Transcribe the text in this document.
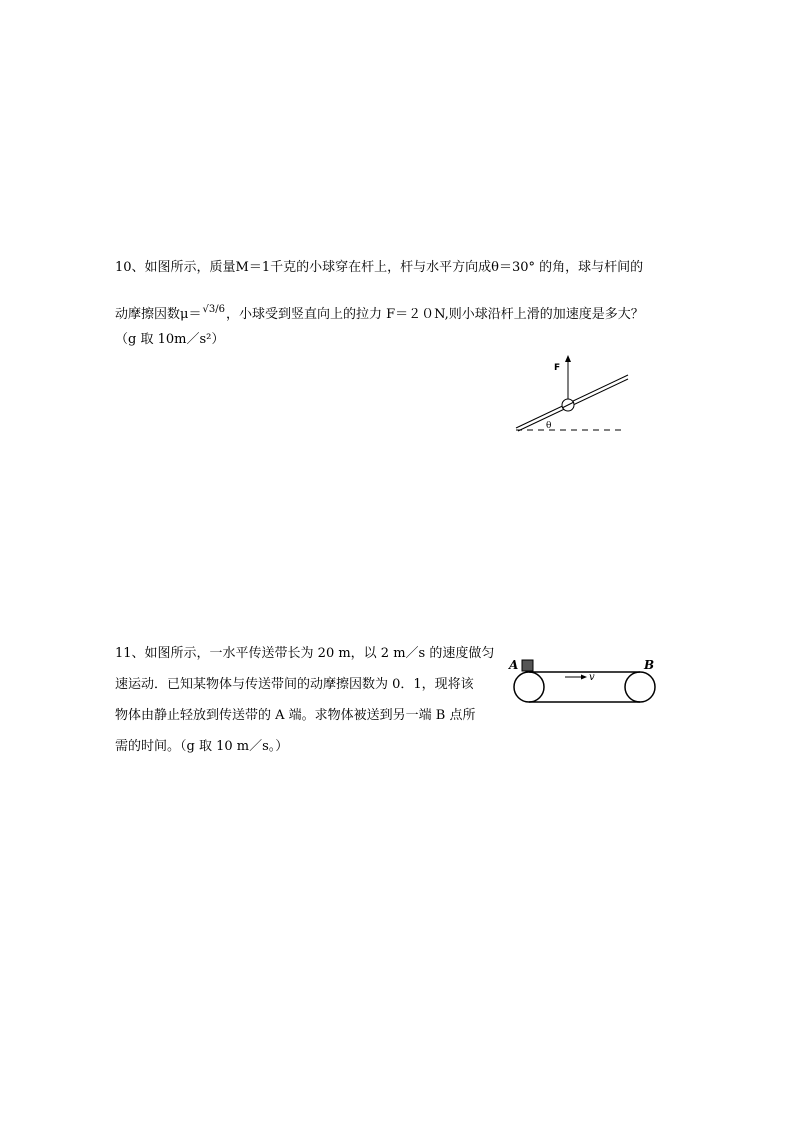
10、如图所示，质量M＝1千克的小球穿在杆上，杆与水平方向成θ＝30° 的角，球与杆间的
动摩擦因数μ＝√3/6，小球受到竖直向上的拉力 F＝２０N,则小球沿杆上滑的加速度是多大？
（g 取 10m／s²）
F
θ
11、如图所示，一水平传送带长为 20 m，以 2 m／s 的速度做匀
速运动．已知某物体与传送带间的动摩擦因数为 0．1，现将该
物体由静止轻放到传送带的 A 端。求物体被送到另一端 B 点所
需的时间。（g 取 10 m／s。）
v
A	B
